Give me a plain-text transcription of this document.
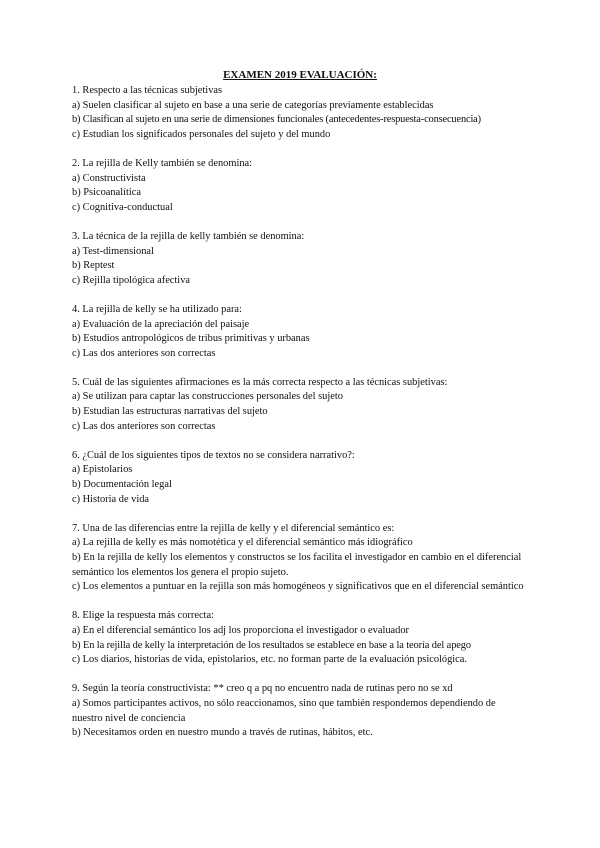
EXAMEN 2019 EVALUACIÓN:
1. Respecto a las técnicas subjetivas
a) Suelen clasificar al sujeto en base a una serie de categorías previamente establecidas
b) Clasifican al sujeto en una serie de dimensiones funcionales (antecedentes-respuesta-consecuencia)
c) Estudian los significados personales del sujeto y del mundo
2. La rejilla de Kelly también se denomina:
a) Constructivista
b) Psicoanalítica
c) Cognitiva-conductual
3. La técnica de la rejilla de kelly también se denomina:
a) Test-dimensional
b) Reptest
c) Rejilla tipológica afectiva
4. La rejilla de kelly se ha utilizado para:
a) Evaluación de la apreciación del paisaje
b) Estudios antropológicos de tribus primitivas y urbanas
c) Las dos anteriores son correctas
5. Cuál de las siguientes afirmaciones es la más correcta respecto a las técnicas subjetivas:
a) Se utilizan para captar las construcciones personales del sujeto
b) Estudian las estructuras narrativas del sujeto
c) Las dos anteriores son correctas
6. ¿Cuál de los siguientes tipos de textos no se considera narrativo?:
a) Epistolarios
b) Documentación legal
c) Historia de vida
7. Una de las diferencias entre la rejilla de kelly y el diferencial semántico es:
a) La rejilla de kelly es más nomotética y el diferencial semántico más idiográfico
b) En la rejilla de kelly los elementos y constructos se los facilita el investigador en cambio en el diferencial semántico los elementos los genera el propio sujeto.
c) Los elementos a puntuar en la rejilla son más homogéneos y significativos que en el diferencial semántico
8. Elige la respuesta más correcta:
a) En el diferencial semántico los adj los proporciona el investigador o evaluador
b) En la rejilla de kelly la interpretación de los resultados se establece en base a la teoría del apego
c) Los diarios, historias de vida, epistolarios, etc. no forman parte de la evaluación psicológica.
9. Según la teoría constructivista: ** creo q a pq no encuentro nada de rutinas pero no se xd
a) Somos participantes activos, no sólo reaccionamos, sino que también respondemos dependiendo de nuestro nivel de conciencia
b) Necesitamos orden en nuestro mundo a través de rutinas, hábitos, etc.
